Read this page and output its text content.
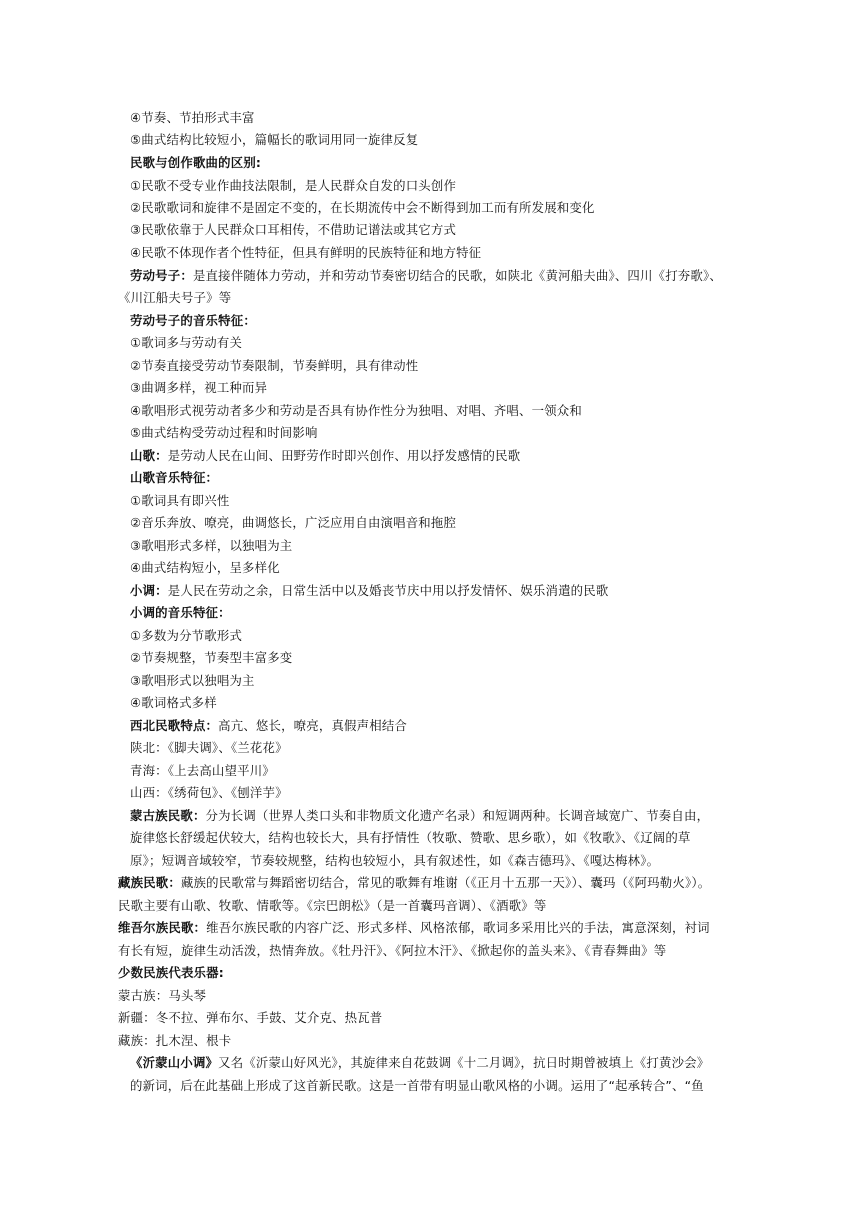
④节奏、节拍形式丰富
⑤曲式结构比较短小，篇幅长的歌词用同一旋律反复
民歌与创作歌曲的区别:
①民歌不受专业作曲技法限制，是人民群众自发的口头创作
②民歌歌词和旋律不是固定不变的，在长期流传中会不断得到加工而有所发展和变化
③民歌依靠于人民群众口耳相传，不借助记谱法或其它方式
④民歌不体现作者个性特征，但具有鲜明的民族特征和地方特征
劳动号子：是直接伴随体力劳动，并和劳动节奏密切结合的民歌，如陕北《黄河船夫曲》、四川《打夯歌》、
《川江船夫号子》等
劳动号子的音乐特征：
①歌词多与劳动有关
②节奏直接受劳动节奏限制，节奏鲜明，具有律动性
③曲调多样，视工种而异
④歌唱形式视劳动者多少和劳动是否具有协作性分为独唱、对唱、齐唱、一领众和
⑤曲式结构受劳动过程和时间影响
山歌：是劳动人民在山间、田野劳作时即兴创作、用以抒发感情的民歌
山歌音乐特征：
①歌词具有即兴性
②音乐奔放、嘹亮，曲调悠长，广泛应用自由演唱音和拖腔
③歌唱形式多样，以独唱为主
④曲式结构短小，呈多样化
小调：是人民在劳动之余，日常生活中以及婚丧节庆中用以抒发情怀、娱乐消遣的民歌
小调的音乐特征：
①多数为分节歌形式
②节奏规整，节奏型丰富多变
③歌唱形式以独唱为主
④歌词格式多样
西北民歌特点：高亢、悠长，嘹亮，真假声相结合
陕北：《脚夫调》、《兰花花》
青海：《上去高山望平川》
山西：《绣荷包》、《刨洋芋》
蒙古族民歌：分为长调（世界人类口头和非物质文化遗产名录）和短调两种。长调音域宽广、节奏自由，
旋律悠长舒缓起伏较大，结构也较长大，具有抒情性（牧歌、赞歌、思乡歌），如《牧歌》、《辽阔的草
原》；短调音域较窄，节奏较规整，结构也较短小，具有叙述性，如《森吉德玛》、《嘎达梅林》。
藏族民歌：藏族的民歌常与舞蹈密切结合，常见的歌舞有堆谢（《正月十五那一天》）、囊玛（《阿玛勒火》）。
民歌主要有山歌、牧歌、情歌等。《宗巴朗松》（是一首囊玛音调）、《酒歌》等
维吾尔族民歌：维吾尔族民歌的内容广泛、形式多样、风格浓郁，歌词多采用比兴的手法，寓意深刻，衬词
有长有短，旋律生动活泼，热情奔放。《牡丹汗》、《阿拉木汗》、《掀起你的盖头来》、《青春舞曲》等
少数民族代表乐器:
蒙古族：马头琴
新疆：冬不拉、弹布尔、手鼓、艾介克、热瓦普
藏族：扎木涅、根卡
《沂蒙山小调》又名《沂蒙山好风光》，其旋律来自花鼓调《十二月调》，抗日时期曾被填上《打黄沙会》
的新词，后在此基础上形成了这首新民歌。这是一首带有明显山歌风格的小调。运用了“起承转合”、“鱼
